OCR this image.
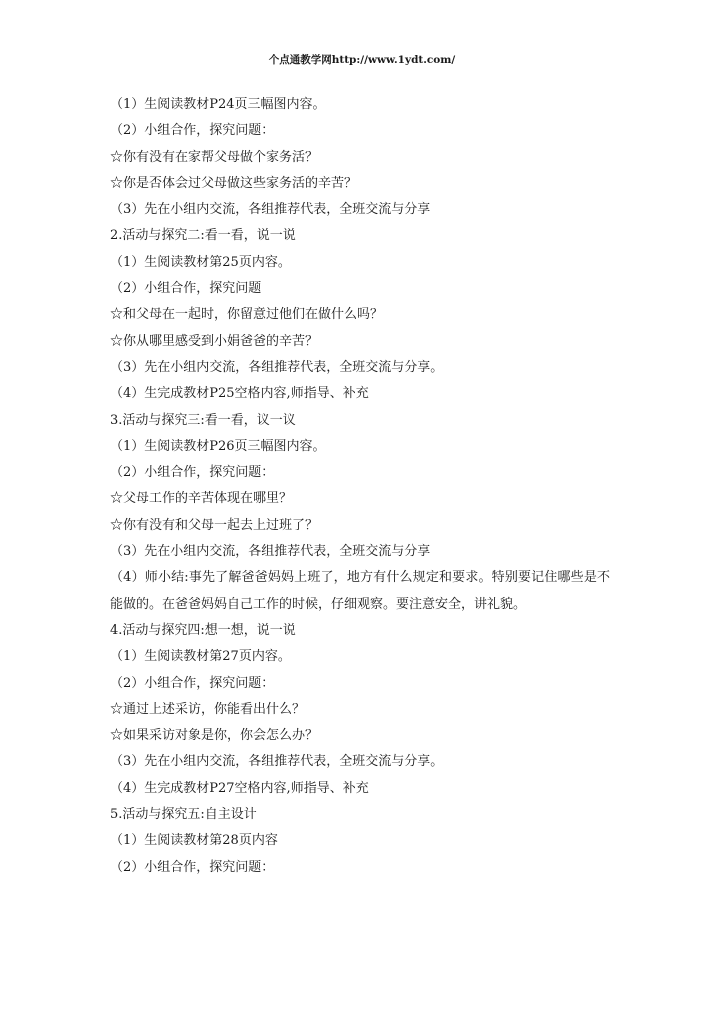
个点通教学网http://www.1ydt.com/
（1）生阅读教材P24页三幅图内容。
（2）小组合作，探究问题：
☆你有没有在家帮父母做个家务活？
☆你是否体会过父母做这些家务活的辛苦？
（3）先在小组内交流，各组推荐代表，全班交流与分享
2.活动与探究二:看一看，说一说
（1）生阅读教材第25页内容。
（2）小组合作，探究问题
☆和父母在一起时，你留意过他们在做什么吗？
☆你从哪里感受到小娟爸爸的辛苦？
（3）先在小组内交流，各组推荐代表，全班交流与分享。
（4）生完成教材P25空格内容,师指导、补充
3.活动与探究三:看一看，议一议
（1）生阅读教材P26页三幅图内容。
（2）小组合作，探究问题：
☆父母工作的辛苦体现在哪里？
☆你有没有和父母一起去上过班了？
（3）先在小组内交流，各组推荐代表，全班交流与分享
（4）师小结:事先了解爸爸妈妈上班了，地方有什么规定和要求。特别要记住哪些是不能做的。在爸爸妈妈自己工作的时候，仔细观察。要注意安全，讲礼貌。
4.活动与探究四:想一想，说一说
（1）生阅读教材第27页内容。
（2）小组合作，探究问题：
☆通过上述采访，你能看出什么？
☆如果采访对象是你，你会怎么办？
（3）先在小组内交流，各组推荐代表，全班交流与分享。
（4）生完成教材P27空格内容,师指导、补充
5.活动与探究五:自主设计
（1）生阅读教材第28页内容
（2）小组合作，探究问题：
